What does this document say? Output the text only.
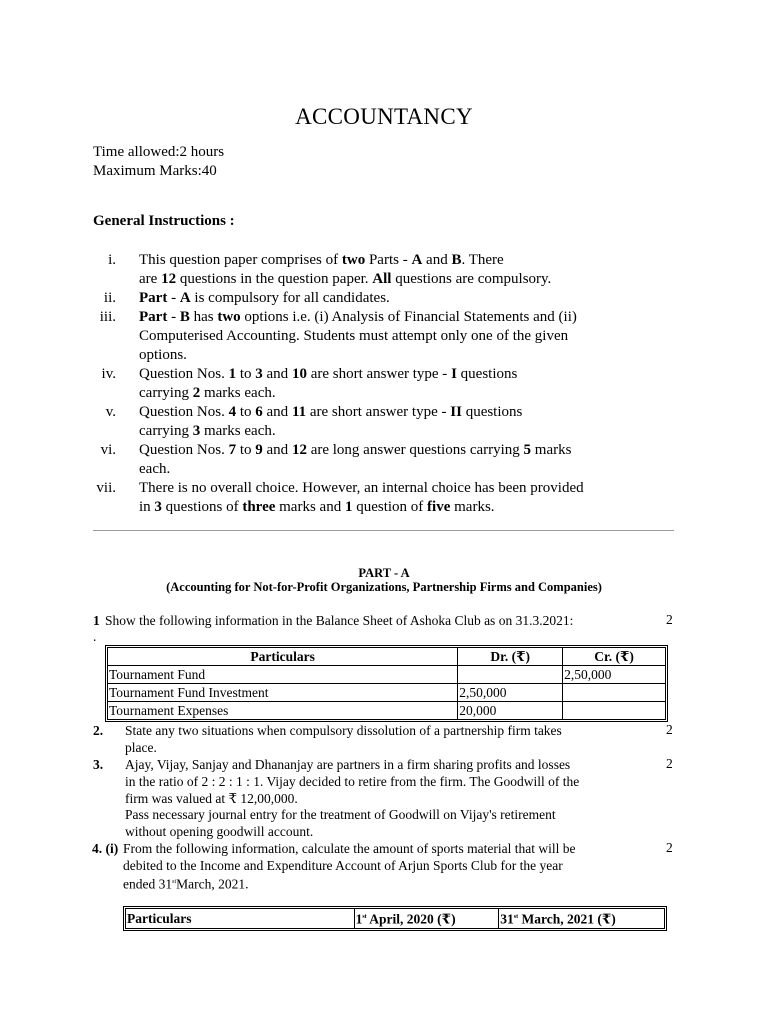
ACCOUNTANCY
Time allowed:2 hours
Maximum Marks:40
General Instructions :
i. This question paper comprises of two Parts - A and B. There
are 12 questions in the question paper. All questions are compulsory.
ii. Part - A is compulsory for all candidates.
iii. Part - B has two options i.e. (i) Analysis of Financial Statements and (ii)
Computerised Accounting. Students must attempt only one of the given
options.
iv. Question Nos. 1 to 3 and 10 are short answer type - I questions
carrying 2 marks each.
v. Question Nos. 4 to 6 and 11 are short answer type - II questions
carrying 3 marks each.
vi. Question Nos. 7 to 9 and 12 are long answer questions carrying 5 marks
each.
vii. There is no overall choice. However, an internal choice has been provided
in 3 questions of three marks and 1 question of five marks.
PART - A
(Accounting for Not-for-Profit Organizations, Partnership Firms and Companies)
1 Show the following information in the Balance Sheet of Ashoka Club as on 31.3.2021:
.
2
Particulars	Dr. (₹)	Cr. (₹)
Tournament Fund		2,50,000
Tournament Fund Investment	2,50,000	
Tournament Expenses	20,000	
2. State any two situations when compulsory dissolution of a partnership firm takes
place.
2
3. Ajay, Vijay, Sanjay and Dhananjay are partners in a firm sharing profits and losses
in the ratio of 2 : 2 : 1 : 1. Vijay decided to retire from the firm. The Goodwill of the
firm was valued at ₹ 12,00,000.
Pass necessary journal entry for the treatment of Goodwill on Vijay's retirement
without opening goodwill account.
2
4. (i) From the following information, calculate the amount of sports material that will be
debited to the Income and Expenditure Account of Arjun Sports Club for the year
ended 31stMarch, 2021.
2
Particulars	1st April, 2020 (₹)	31st March, 2021 (₹)
